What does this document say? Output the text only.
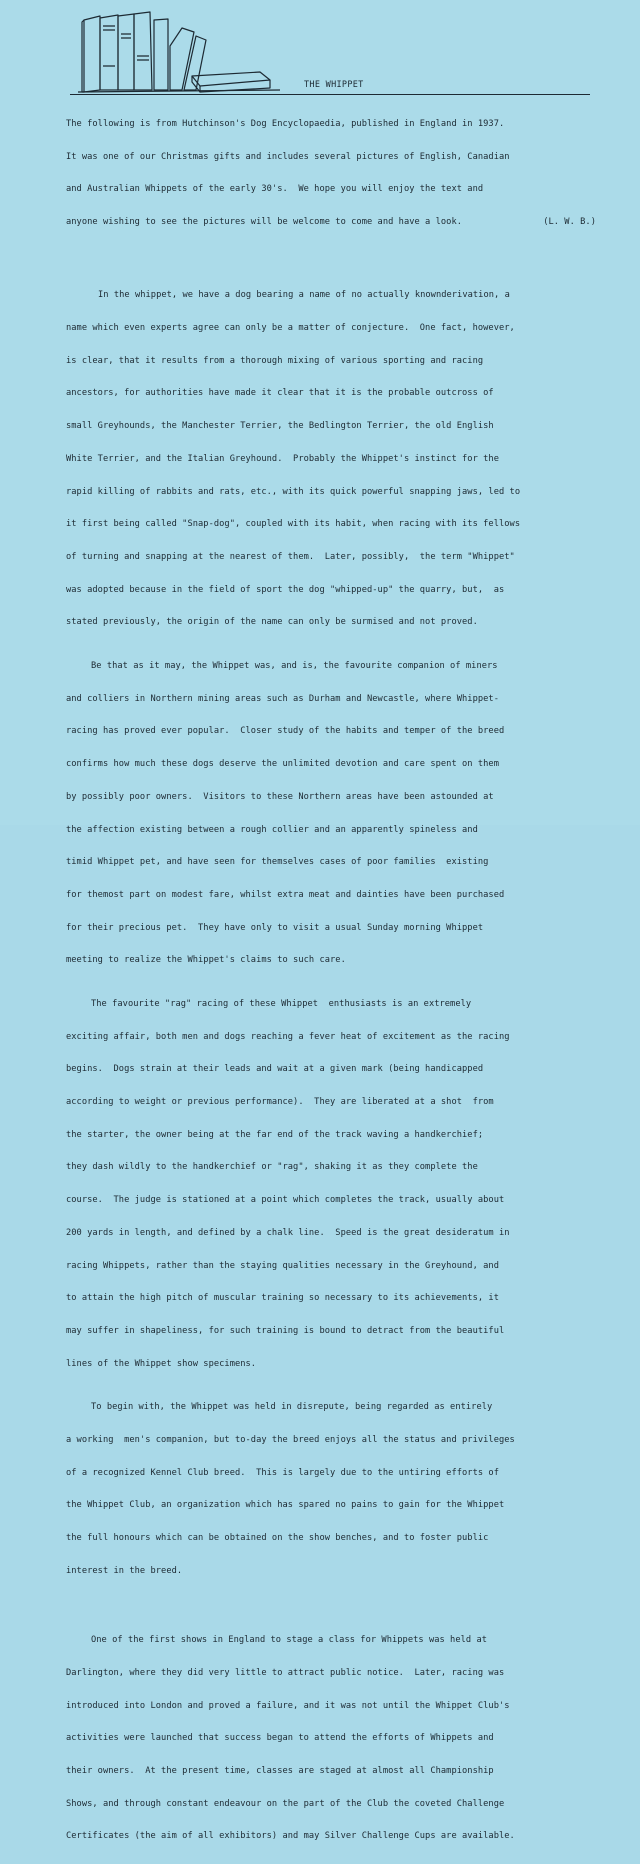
THE WHIPPET

The following is from Hutchinson's Dog Encyclopaedia, published in England in 1937.

It was one of our Christmas gifts and includes several pictures of English, Canadian

and Australian Whippets of the early 30's.  We hope you will enjoy the text and

anyone wishing to see the pictures will be welcome to come and have a look.	(L. W. B.)

In the whippet, we have a dog bearing a name of no actually knownderivation, a

name which even experts agree can only be a matter of conjecture.  One fact, however,

is clear, that it results from a thorough mixing of various sporting and racing

ancestors, for authorities have made it clear that it is the probable outcross of

small Greyhounds, the Manchester Terrier, the Bedlington Terrier, the old English

White Terrier, and the Italian Greyhound.  Probably the Whippet's instinct for the

rapid killing of rabbits and rats, etc., with its quick powerful snapping jaws, led to

it first being called "Snap-dog", coupled with its habit, when racing with its fellows

of turning and snapping at the nearest of them.  Later, possibly,  the term "Whippet"

was adopted because in the field of sport the dog "whipped-up" the quarry, but,  as

stated previously, the origin of the name can only be surmised and not proved.

Be that as it may, the Whippet was, and is, the favourite companion of miners

and colliers in Northern mining areas such as Durham and Newcastle, where Whippet-

racing has proved ever popular.  Closer study of the habits and temper of the breed

confirms how much these dogs deserve the unlimited devotion and care spent on them

by possibly poor owners.  Visitors to these Northern areas have been astounded at

the affection existing between a rough collier and an apparently spineless and

timid Whippet pet, and have seen for themselves cases of poor families  existing

for themost part on modest fare, whilst extra meat and dainties have been purchased

for their precious pet.  They have only to visit a usual Sunday morning Whippet

meeting to realize the Whippet's claims to such care.

The favourite "rag" racing of these Whippet  enthusiasts is an extremely

exciting affair, both men and dogs reaching a fever heat of excitement as the racing

begins.  Dogs strain at their leads and wait at a given mark (being handicapped

according to weight or previous performance).  They are liberated at a shot  from

the starter, the owner being at the far end of the track waving a handkerchief;

they dash wildly to the handkerchief or "rag", shaking it as they complete the

course.  The judge is stationed at a point which completes the track, usually about

200 yards in length, and defined by a chalk line.  Speed is the great desideratum in

racing Whippets, rather than the staying qualities necessary in the Greyhound, and

to attain the high pitch of muscular training so necessary to its achievements, it

may suffer in shapeliness, for such training is bound to detract from the beautiful

lines of the Whippet show specimens.

To begin with, the Whippet was held in disrepute, being regarded as entirely

a working  men's companion, but to-day the breed enjoys all the status and privileges

of a recognized Kennel Club breed.  This is largely due to the untiring efforts of

the Whippet Club, an organization which has spared no pains to gain for the Whippet

the full honours which can be obtained on the show benches, and to foster public

interest in the breed.

One of the first shows in England to stage a class for Whippets was held at

Darlington, where they did very little to attract public notice.  Later, racing was

introduced into London and proved a failure, and it was not until the Whippet Club's

activities were launched that success began to attend the efforts of Whippets and

their owners.  At the present time, classes are staged at almost all Championship

Shows, and through constant endeavour on the part of the Club the coveted Challenge

Certificates (the aim of all exhibitors) and may Silver Challenge Cups are available.
